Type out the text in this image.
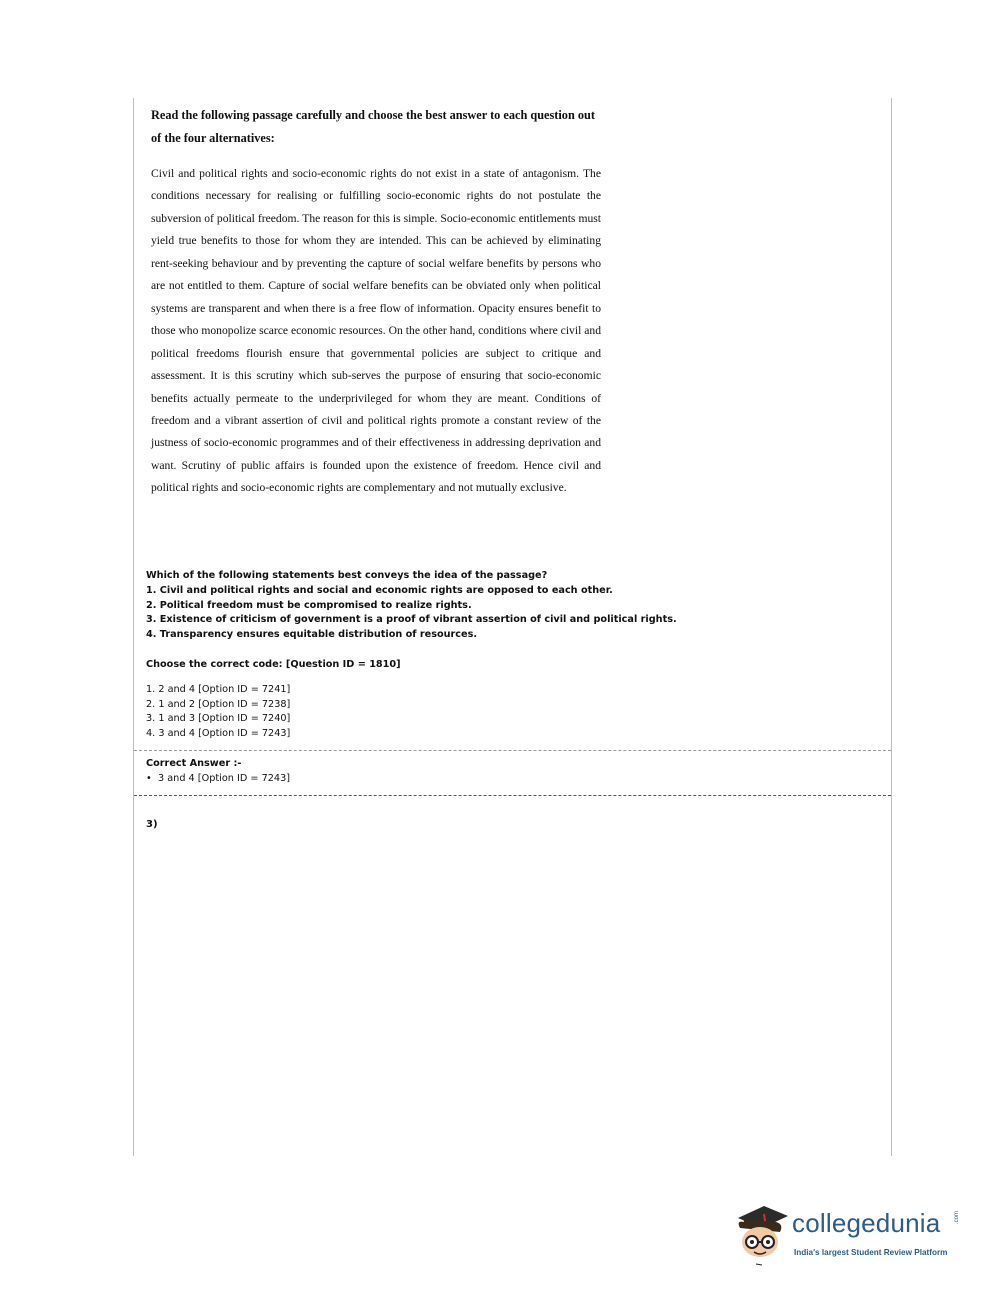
Read the following passage carefully and choose the best answer to each question out of the four alternatives:

Civil and political rights and socio-economic rights do not exist in a state of antagonism. The conditions necessary for realising or fulfilling socio-economic rights do not postulate the subversion of political freedom. The reason for this is simple. Socio-economic entitlements must yield true benefits to those for whom they are intended. This can be achieved by eliminating rent-seeking behaviour and by preventing the capture of social welfare benefits by persons who are not entitled to them. Capture of social welfare benefits can be obviated only when political systems are transparent and when there is a free flow of information. Opacity ensures benefit to those who monopolize scarce economic resources. On the other hand, conditions where civil and political freedoms flourish ensure that governmental policies are subject to critique and assessment. It is this scrutiny which sub-serves the purpose of ensuring that socio-economic benefits actually permeate to the underprivileged for whom they are meant. Conditions of freedom and a vibrant assertion of civil and political rights promote a constant review of the justness of socio-economic programmes and of their effectiveness in addressing deprivation and want. Scrutiny of public affairs is founded upon the existence of freedom. Hence civil and political rights and socio-economic rights are complementary and not mutually exclusive.

Which of the following statements best conveys the idea of the passage?
1. Civil and political rights and social and economic rights are opposed to each other.
2. Political freedom must be compromised to realize rights.
3. Existence of criticism of government is a proof of vibrant assertion of civil and political rights.
4. Transparency ensures equitable distribution of resources.
Choose the correct code: [Question ID = 1810]
1. 2 and 4 [Option ID = 7241]
2. 1 and 2 [Option ID = 7238]
3. 1 and 3 [Option ID = 7240]
4. 3 and 4 [Option ID = 7243]
Correct Answer :-
• 3 and 4 [Option ID = 7243]
3)
collegedunia .com
India's largest Student Review Platform
